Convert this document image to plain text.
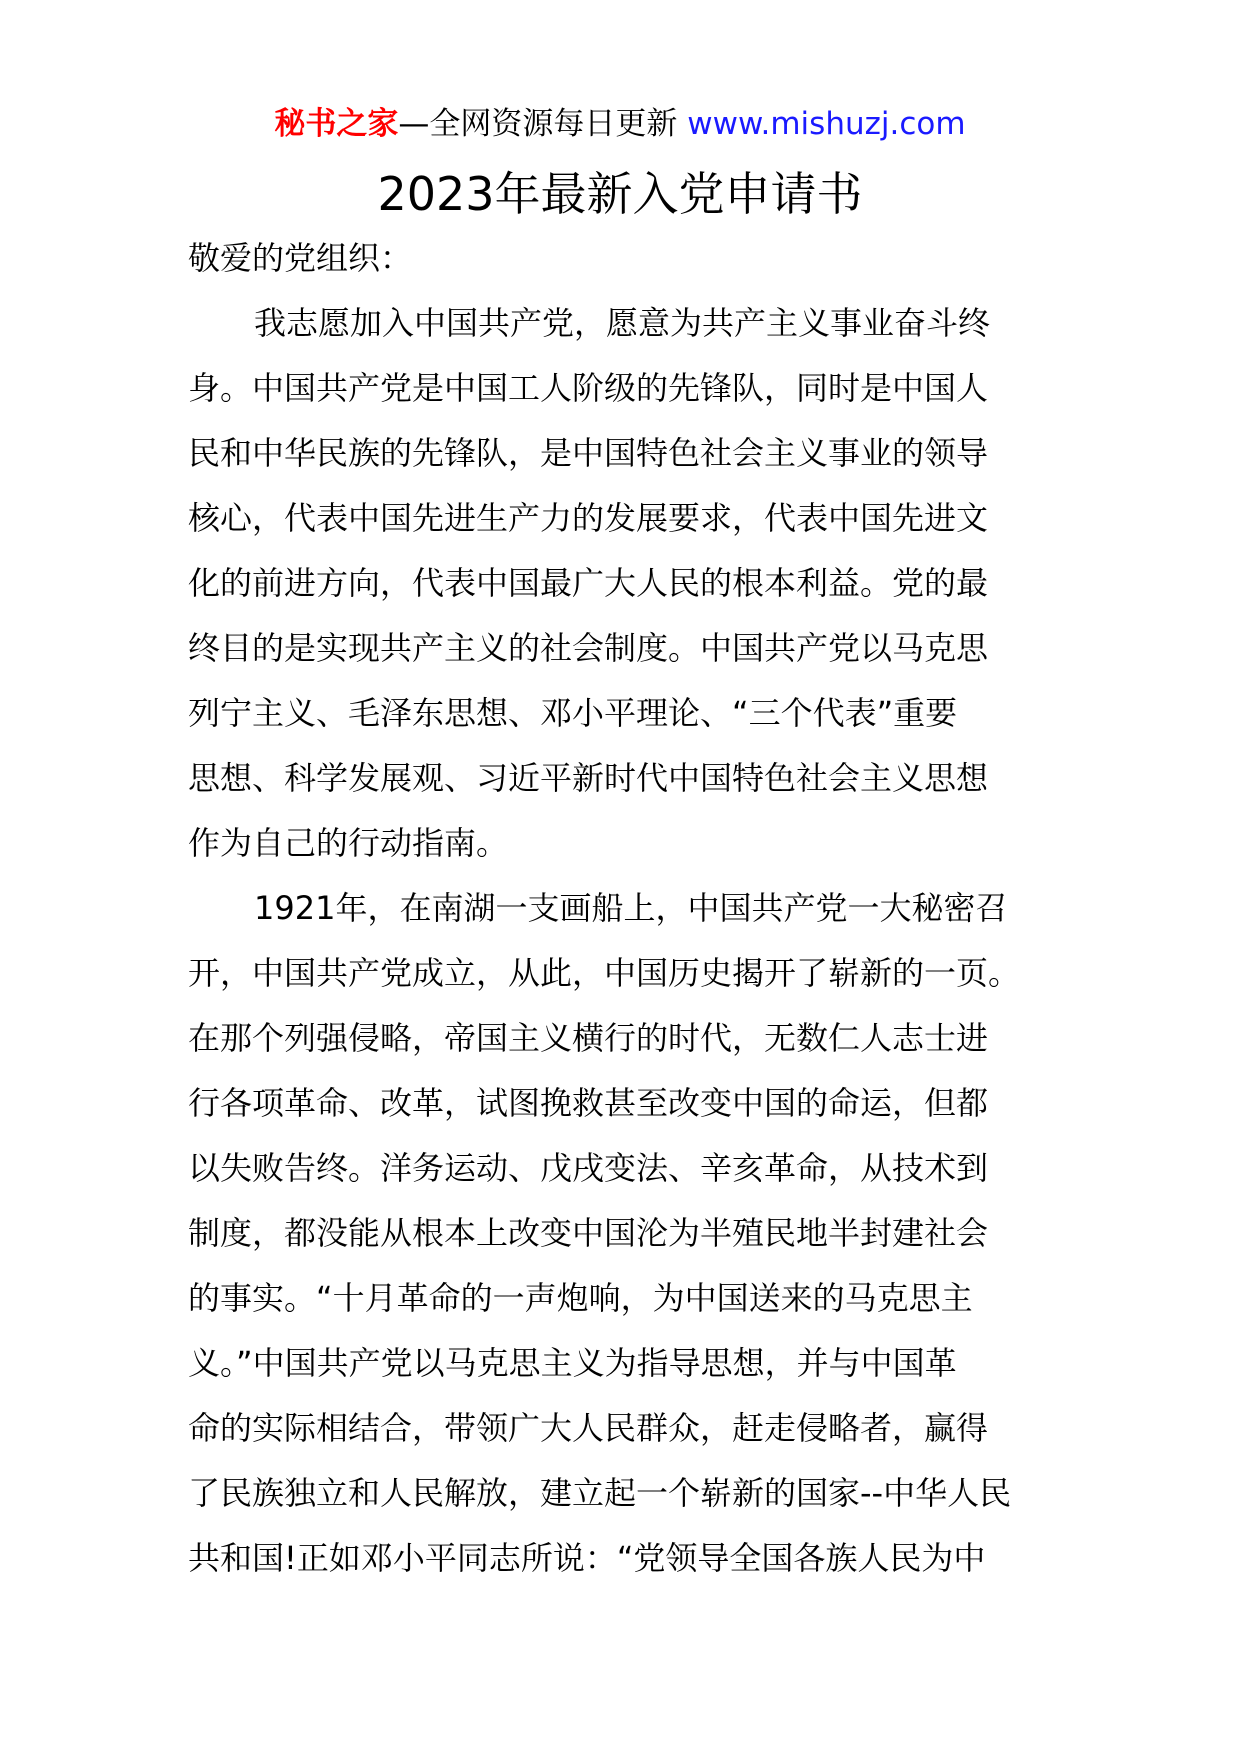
秘书之家—全网资源每日更新 www.mishuzj.com
2023年最新入党申请书

敬爱的党组织：

我志愿加入中国共产党，愿意为共产主义事业奋斗终
身。中国共产党是中国工人阶级的先锋队，同时是中国人
民和中华民族的先锋队，是中国特色社会主义事业的领导
核心，代表中国先进生产力的发展要求，代表中国先进文
化的前进方向，代表中国最广大人民的根本利益。党的最
终目的是实现共产主义的社会制度。中国共产党以马克思
列宁主义、毛泽东思想、邓小平理论、“三个代表”重要
思想、科学发展观、习近平新时代中国特色社会主义思想
作为自己的行动指南。
1921年，在南湖一支画船上，中国共产党一大秘密召
开，中国共产党成立，从此，中国历史揭开了崭新的一页。
在那个列强侵略，帝国主义横行的时代，无数仁人志士进
行各项革命、改革，试图挽救甚至改变中国的命运，但都
以失败告终。洋务运动、戊戌变法、辛亥革命，从技术到
制度，都没能从根本上改变中国沦为半殖民地半封建社会
的事实。“十月革命的一声炮响，为中国送来的马克思主
义。”中国共产党以马克思主义为指导思想，并与中国革
命的实际相结合，带领广大人民群众，赶走侵略者，赢得
了民族独立和人民解放，建立起一个崭新的国家--中华人民
共和国!正如邓小平同志所说：“党领导全国各族人民为中
